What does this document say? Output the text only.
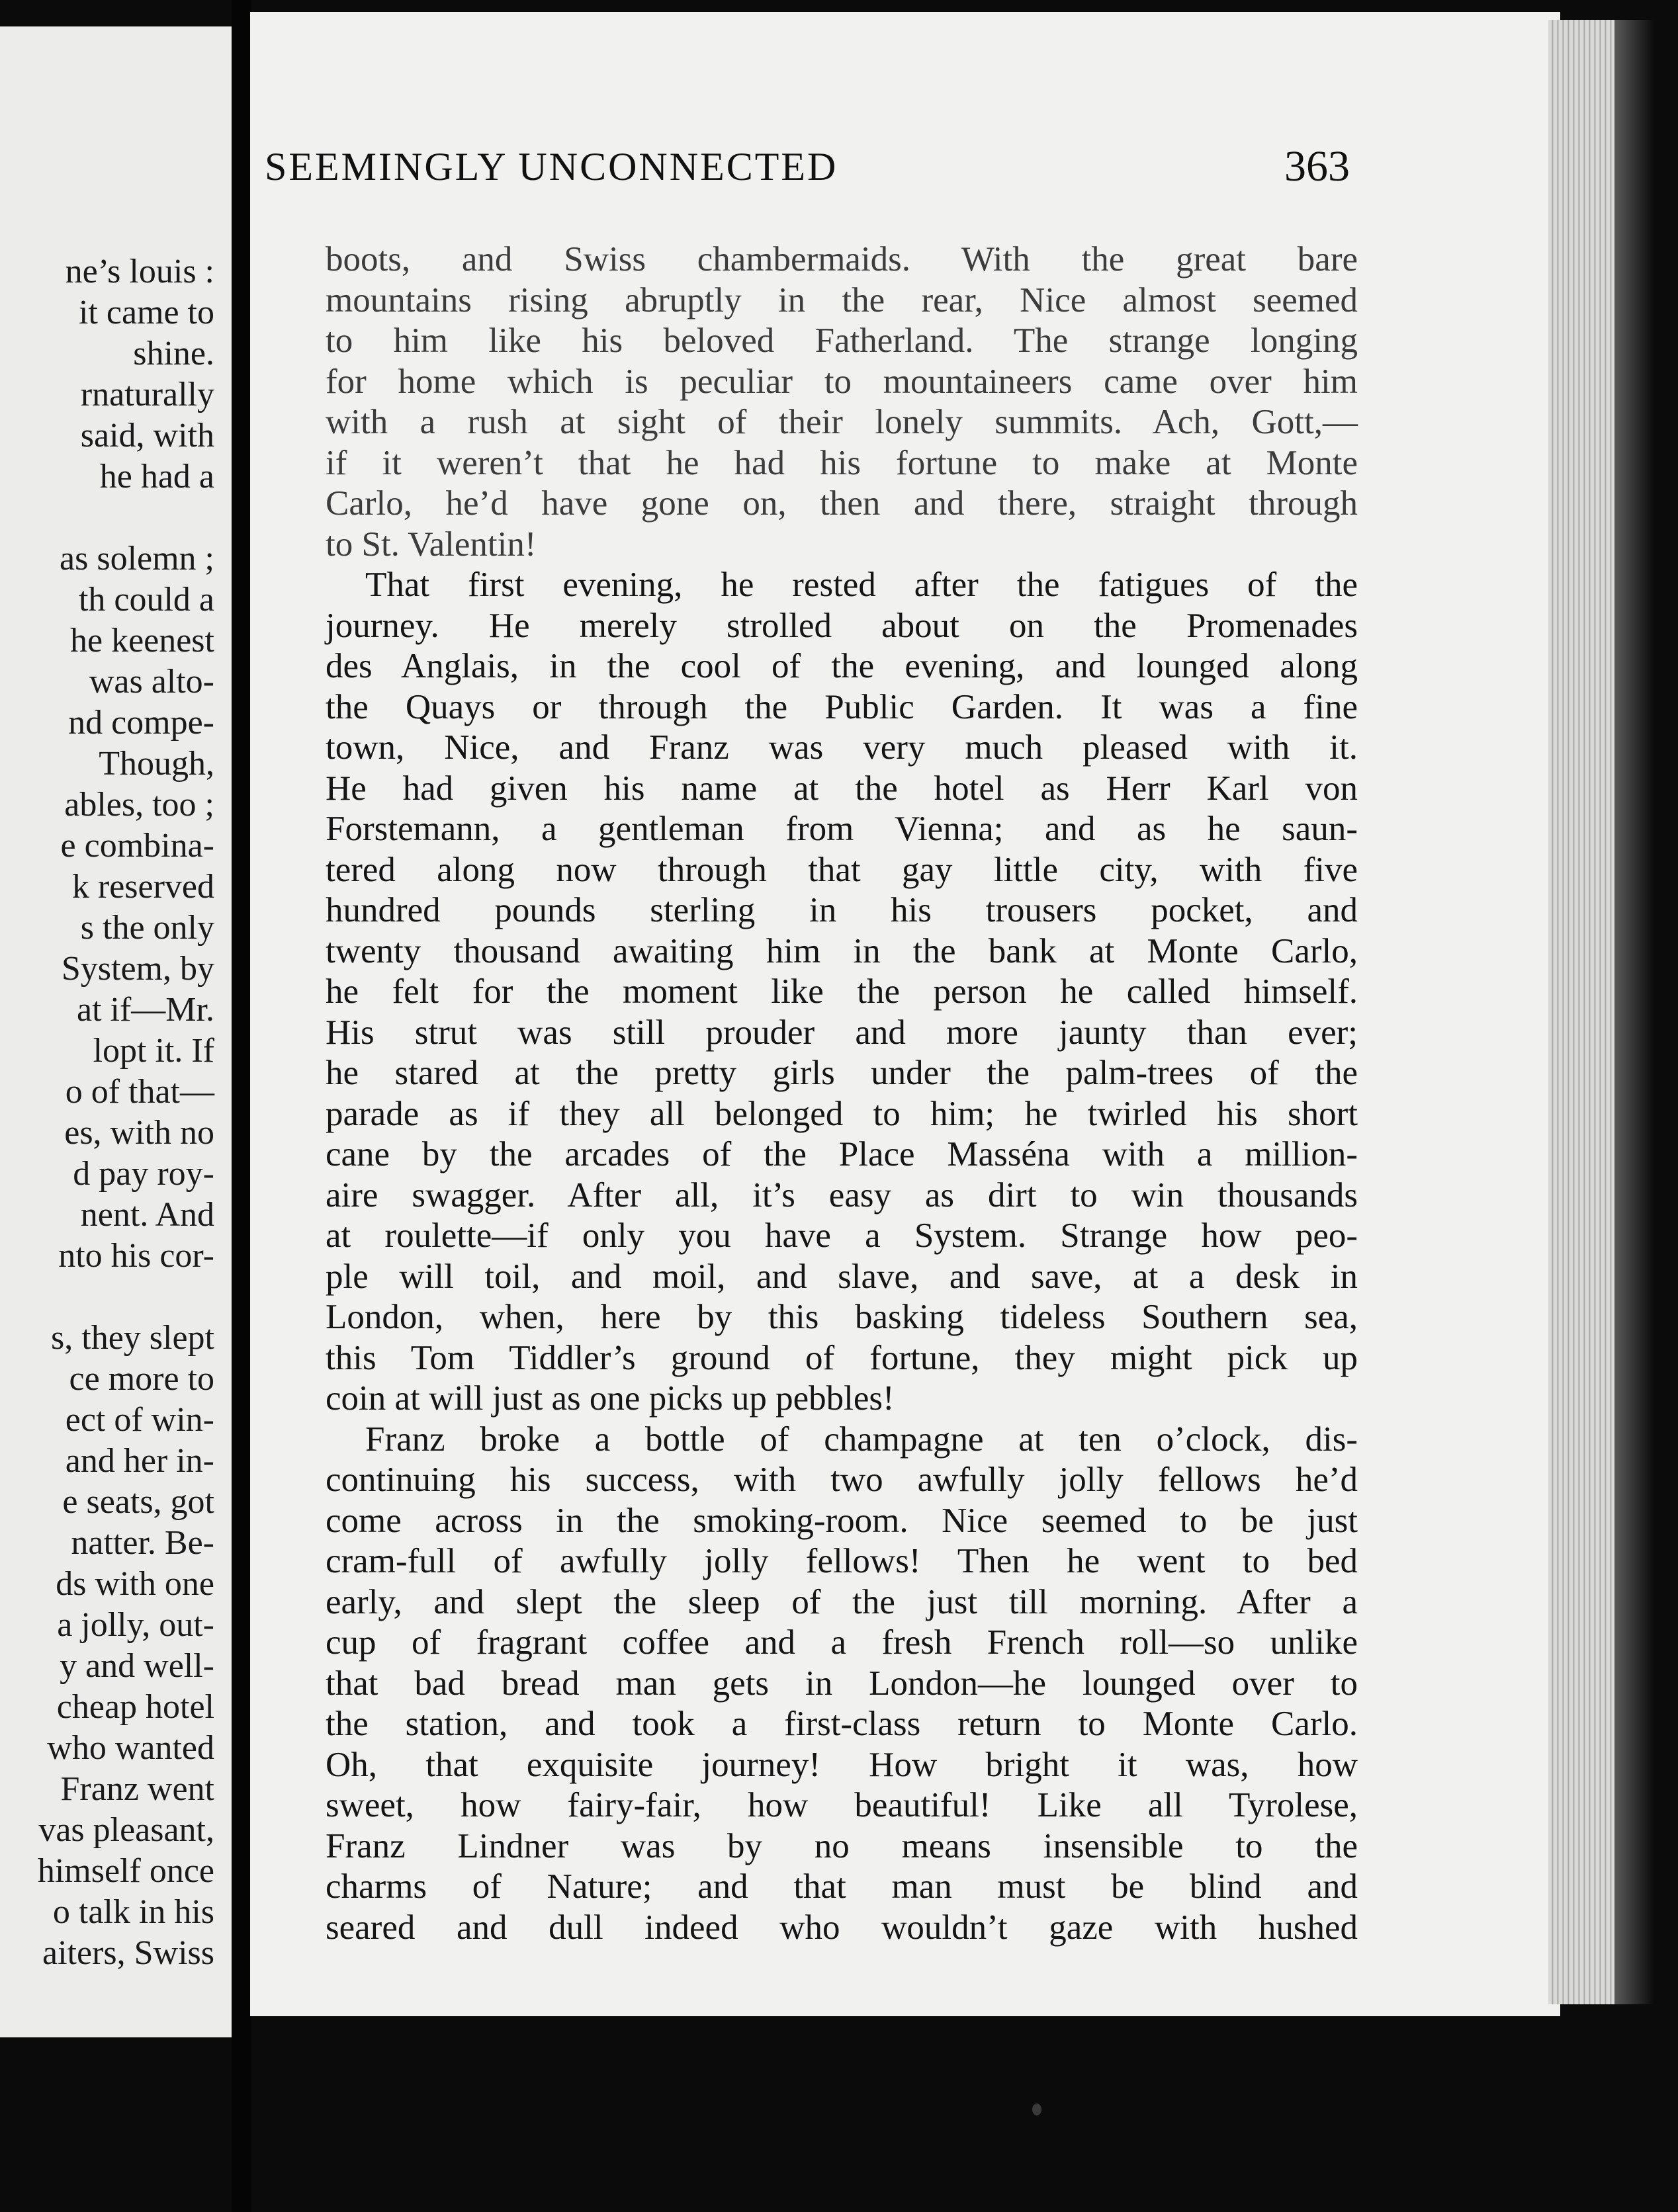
ne’s louis :
it came to
shine.
rnaturally
said, with
he had a
as solemn ;
th could a
he keenest
was alto-
nd compe-
Though,
ables, too ;
e combina-
k reserved
s the only
System, by
at if—Mr.
lopt it. If
o of that—
es, with no
d pay roy-
nent. And
nto his cor-
s, they slept
ce more to
ect of win-
and her in-
e seats, got
natter. Be-
ds with one
a jolly, out-
y and well-
cheap hotel
who wanted
Franz went
vas pleasant,
himself once
o talk in his
aiters, Swiss
SEEMINGLY UNCONNECTED	363
boots, and Swiss chambermaids. With the great bare
mountains rising abruptly in the rear, Nice almost seemed
to him like his beloved Fatherland. The strange longing
for home which is peculiar to mountaineers came over him
with a rush at sight of their lonely summits. Ach, Gott,—
if it weren’t that he had his fortune to make at Monte
Carlo, he’d have gone on, then and there, straight through
to St. Valentin!
That first evening, he rested after the fatigues of the
journey. He merely strolled about on the Promenades
des Anglais, in the cool of the evening, and lounged along
the Quays or through the Public Garden. It was a fine
town, Nice, and Franz was very much pleased with it.
He had given his name at the hotel as Herr Karl von
Forstemann, a gentleman from Vienna; and as he saun-
tered along now through that gay little city, with five
hundred pounds sterling in his trousers pocket, and
twenty thousand awaiting him in the bank at Monte Carlo,
he felt for the moment like the person he called himself.
His strut was still prouder and more jaunty than ever;
he stared at the pretty girls under the palm-trees of the
parade as if they all belonged to him; he twirled his short
cane by the arcades of the Place Masséna with a million-
aire swagger. After all, it’s easy as dirt to win thousands
at roulette—if only you have a System. Strange how peo-
ple will toil, and moil, and slave, and save, at a desk in
London, when, here by this basking tideless Southern sea,
this Tom Tiddler’s ground of fortune, they might pick up
coin at will just as one picks up pebbles!
Franz broke a bottle of champagne at ten o’clock, dis-
continuing his success, with two awfully jolly fellows he’d
come across in the smoking-room. Nice seemed to be just
cram-full of awfully jolly fellows! Then he went to bed
early, and slept the sleep of the just till morning. After a
cup of fragrant coffee and a fresh French roll—so unlike
that bad bread man gets in London—he lounged over to
the station, and took a first-class return to Monte Carlo.
Oh, that exquisite journey! How bright it was, how
sweet, how fairy-fair, how beautiful! Like all Tyrolese,
Franz Lindner was by no means insensible to the
charms of Nature; and that man must be blind and
seared and dull indeed who wouldn’t gaze with hushed
